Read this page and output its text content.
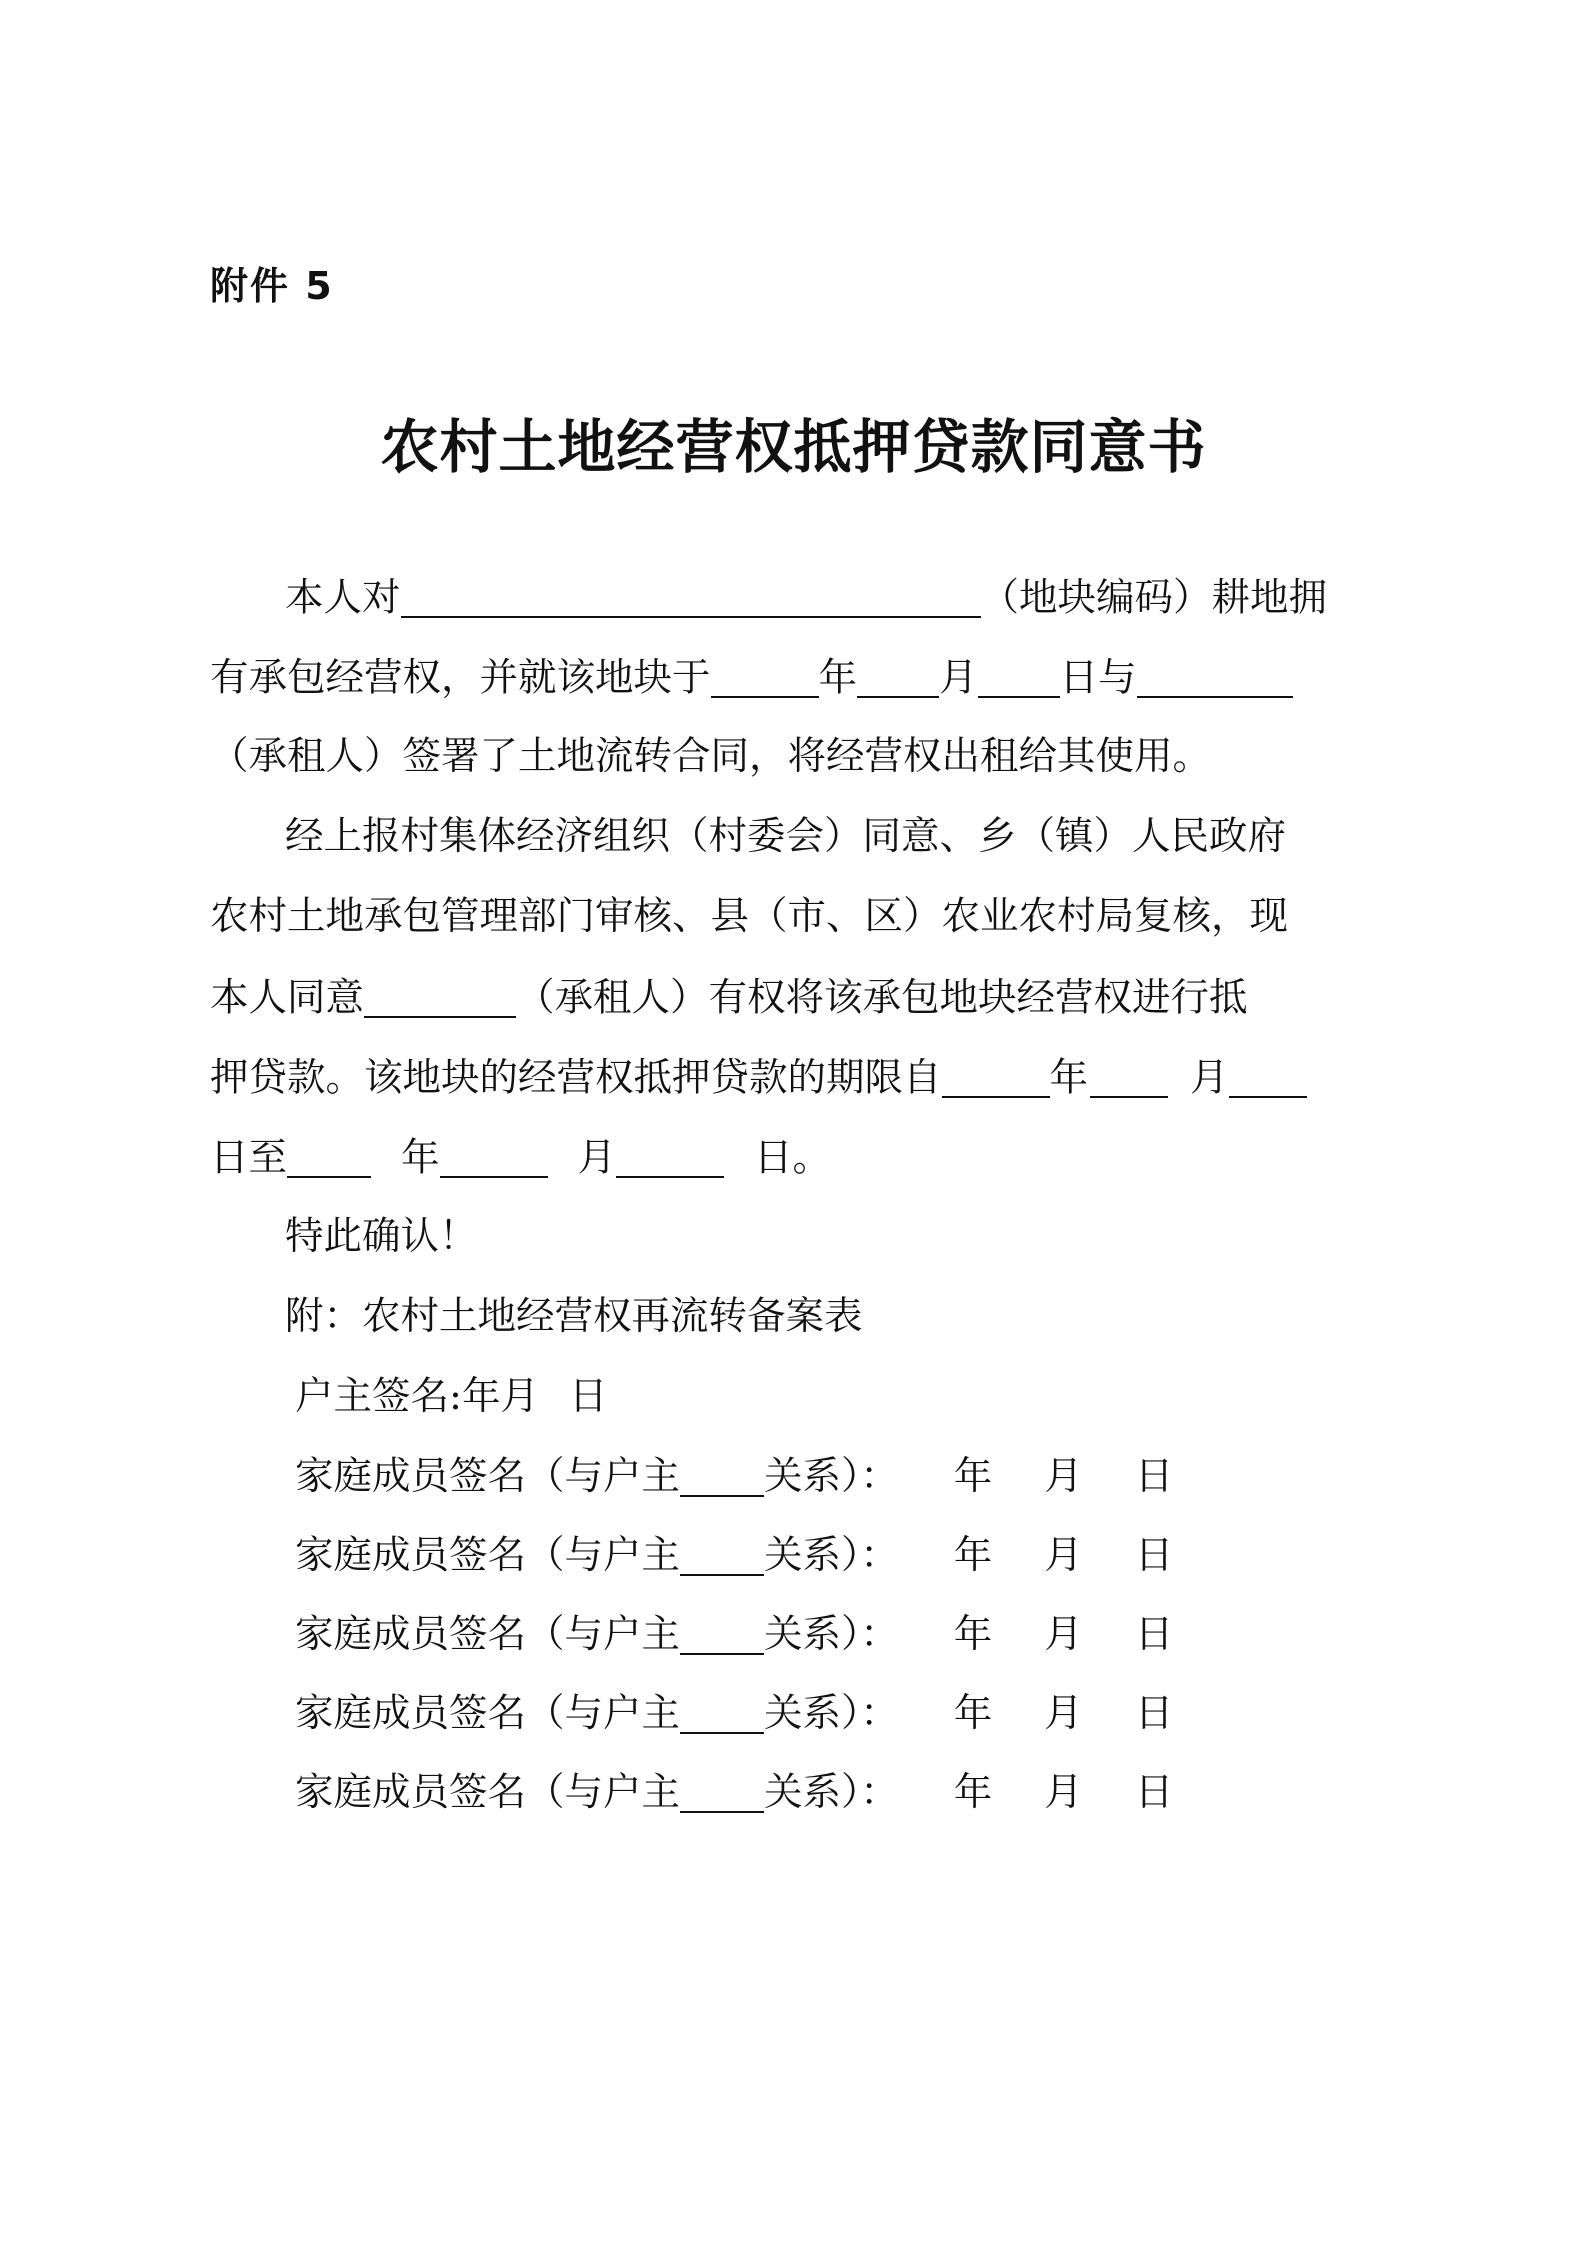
附件 5
农村土地经营权抵押贷款同意书
本人对	（地块编码）耕地拥
有承包经营权，并就该地块于	年 月 日与
（承租人）签署了土地流转合同，将经营权出租给其使用。
经上报村集体经济组织（村委会）同意、乡（镇）人民政府
农村土地承包管理部门审核、县（市、区）农业农村局复核，现
本人同意	（承租人）有权将该承包地块经营权进行抵
押贷款。该地块的经营权抵押贷款的期限自	年	月
日至	年	月	日。
特此确认！
附：农村土地经营权再流转备案表
户主签名:年月 日
家庭成员签名（与户主 关系）： 年 月 日
家庭成员签名（与户主 关系）： 年 月 日
家庭成员签名（与户主 关系）： 年 月 日
家庭成员签名（与户主 关系）： 年 月 日
家庭成员签名（与户主 关系）： 年 月 日
